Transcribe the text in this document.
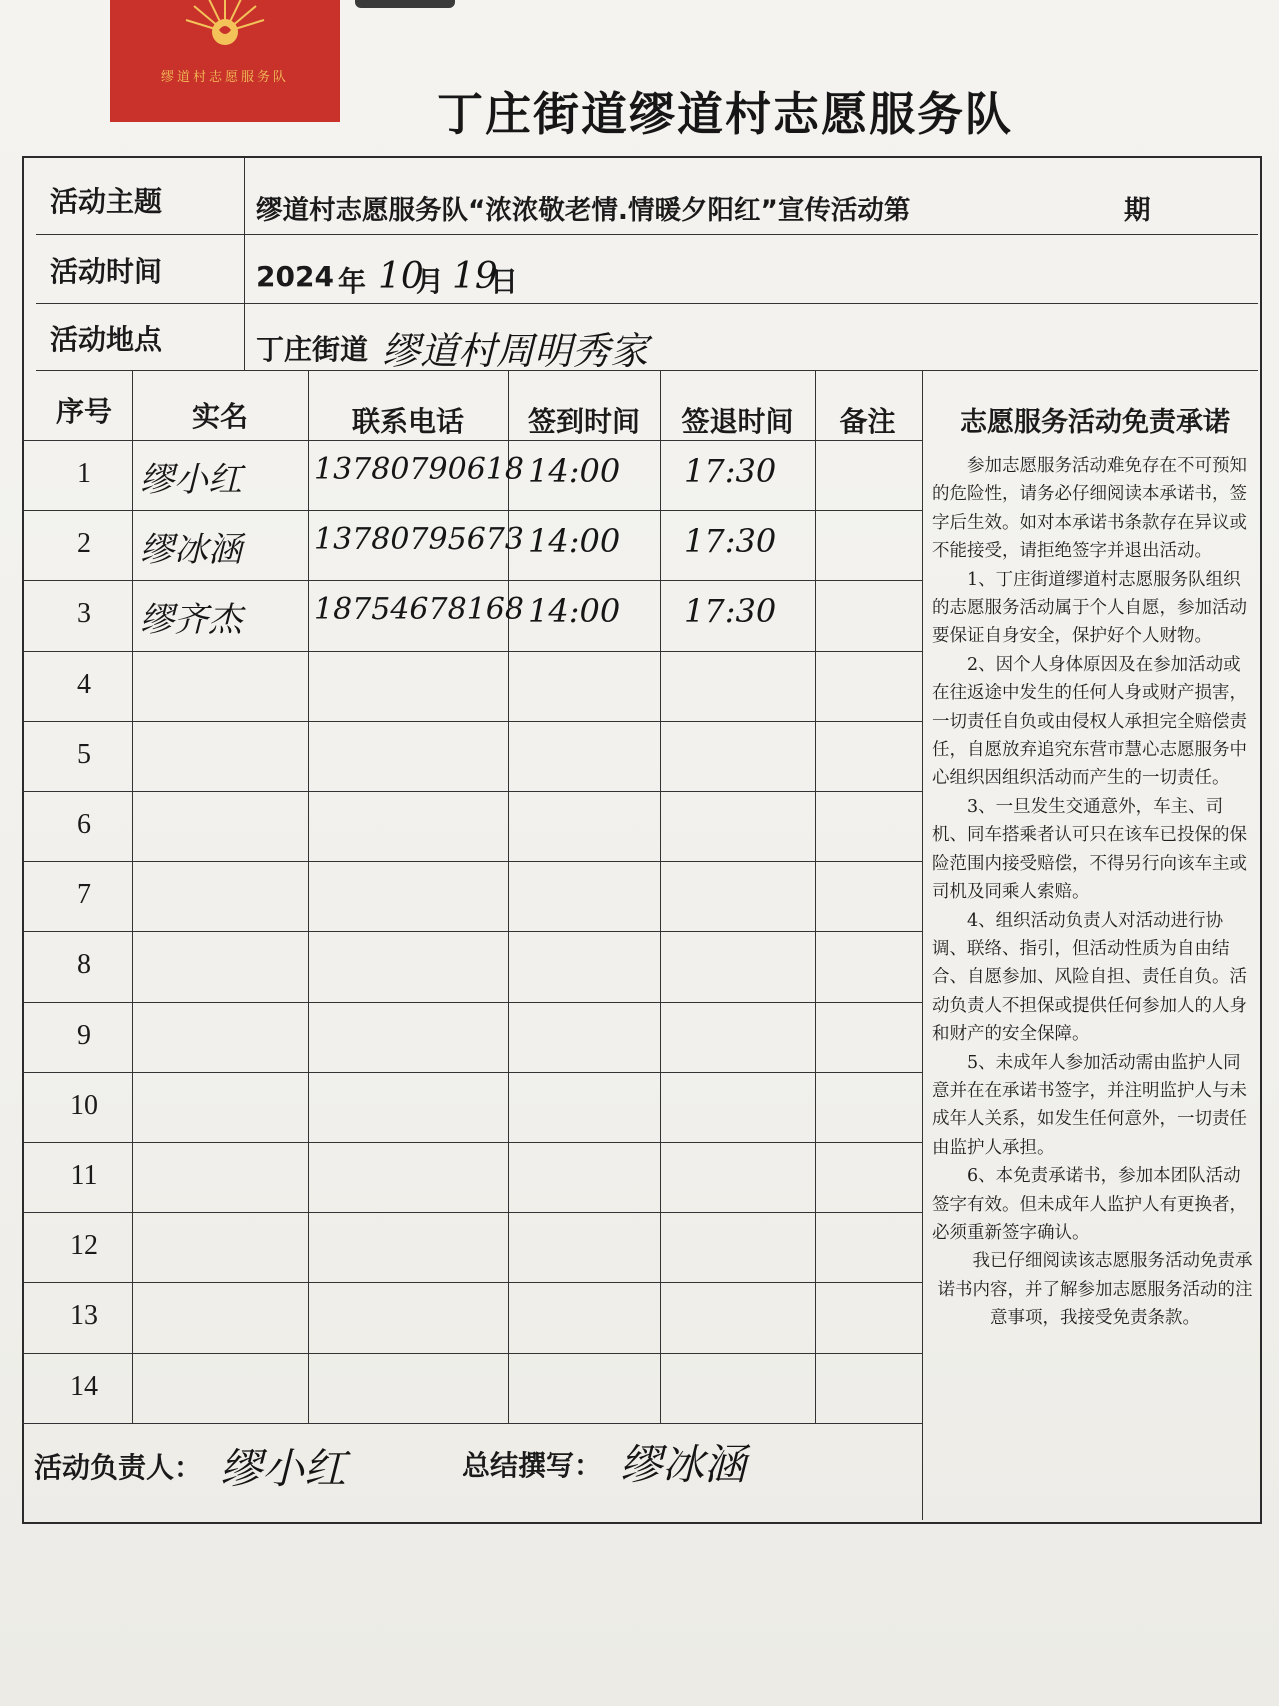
缪道村志愿服务队
丁庄街道缪道村志愿服务队
活动主题	缪道村志愿服务队“浓浓敬老情.情暖夕阳红”宣传活动第	期
活动时间	2024 年 10
月 19
日
活动地点	丁庄街道 缪道村周明秀家
序号	实名	联系电话	签到时间	签退时间	备注
1	缪小红 13780790618 14:00 17:30
2	缪冰涵 13780795673 14:00 17:30
3	缪齐杰 18754678168 14:00 17:30
4
5
6
7
8
9
10
11
12
13
14
志愿服务活动免责承诺

参加志愿服务活动难免存在不可预知的危险性，请务必仔细阅读本承诺书，签字后生效。如对本承诺书条款存在异议或不能接受，请拒绝签字并退出活动。

1、丁庄街道缪道村志愿服务队组织的志愿服务活动属于个人自愿，参加活动要保证自身安全，保护好个人财物。

2、因个人身体原因及在参加活动或在往返途中发生的任何人身或财产损害，一切责任自负或由侵权人承担完全赔偿责任，自愿放弃追究东营市慧心志愿服务中心组织因组织活动而产生的一切责任。

3、一旦发生交通意外，车主、司机、同车搭乘者认可只在该车已投保的保险范围内接受赔偿，不得另行向该车主或司机及同乘人索赔。

4、组织活动负责人对活动进行协调、联络、指引，但活动性质为自由结合、自愿参加、风险自担、责任自负。活动负责人不担保或提供任何参加人的人身和财产的安全保障。

5、未成年人参加活动需由监护人同意并在在承诺书签字，并注明监护人与未成年人关系，如发生任何意外，一切责任由监护人承担。

6、本免责承诺书，参加本团队活动签字有效。但未成年人监护人有更换者，必须重新签字确认。

我已仔细阅读该志愿服务活动免责承诺书内容，并了解参加志愿服务活动的注意事项，我接受免责条款。

活动负责人： 缪小红	总结撰写： 缪冰涵
